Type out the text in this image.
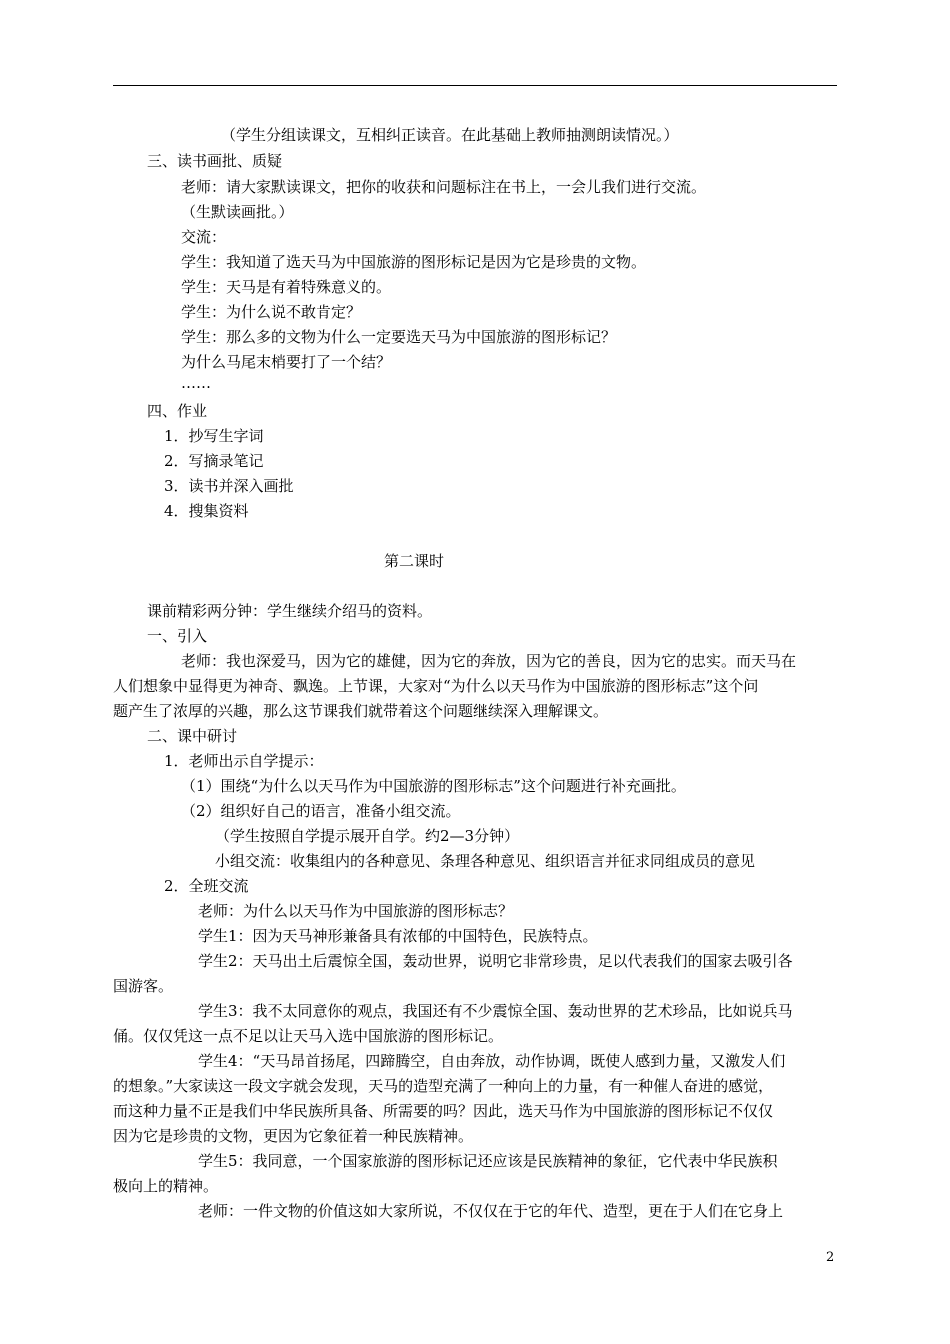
（学生分组读课文，互相纠正读音。在此基础上教师抽测朗读情况。）
三、读书画批、质疑
老师：请大家默读课文，把你的收获和问题标注在书上，一会儿我们进行交流。
（生默读画批。）
交流：
学生：我知道了选天马为中国旅游的图形标记是因为它是珍贵的文物。
学生：天马是有着特殊意义的。
学生：为什么说不敢肯定？
学生：那么多的文物为什么一定要选天马为中国旅游的图形标记？
为什么马尾末梢要打了一个结？
……
四、作业
1．抄写生字词
2．写摘录笔记
3．读书并深入画批
4．搜集资料
第二课时
课前精彩两分钟：学生继续介绍马的资料。
一、引入
老师：我也深爱马，因为它的雄健，因为它的奔放，因为它的善良，因为它的忠实。而天马在
人们想象中显得更为神奇、飘逸。上节课，大家对“为什么以天马作为中国旅游的图形标志”这个问
题产生了浓厚的兴趣，那么这节课我们就带着这个问题继续深入理解课文。
二、课中研讨
1．老师出示自学提示：
（1）围绕“为什么以天马作为中国旅游的图形标志”这个问题进行补充画批。
（2）组织好自己的语言，准备小组交流。
（学生按照自学提示展开自学。约2—3分钟）
小组交流：收集组内的各种意见、条理各种意见、组织语言并征求同组成员的意见
2．全班交流
老师：为什么以天马作为中国旅游的图形标志？
学生1：因为天马神形兼备具有浓郁的中国特色，民族特点。
学生2：天马出土后震惊全国，轰动世界，说明它非常珍贵，足以代表我们的国家去吸引各
国游客。
学生3：我不太同意你的观点，我国还有不少震惊全国、轰动世界的艺术珍品，比如说兵马
俑。仅仅凭这一点不足以让天马入选中国旅游的图形标记。
学生4：“天马昂首扬尾，四蹄腾空，自由奔放，动作协调，既使人感到力量，又激发人们
的想象。”大家读这一段文字就会发现，天马的造型充满了一种向上的力量，有一种催人奋进的感觉，
而这种力量不正是我们中华民族所具备、所需要的吗？因此，选天马作为中国旅游的图形标记不仅仅
因为它是珍贵的文物，更因为它象征着一种民族精神。
学生5：我同意，一个国家旅游的图形标记还应该是民族精神的象征，它代表中华民族积
极向上的精神。
老师：一件文物的价值这如大家所说，不仅仅在于它的年代、造型，更在于人们在它身上
2
